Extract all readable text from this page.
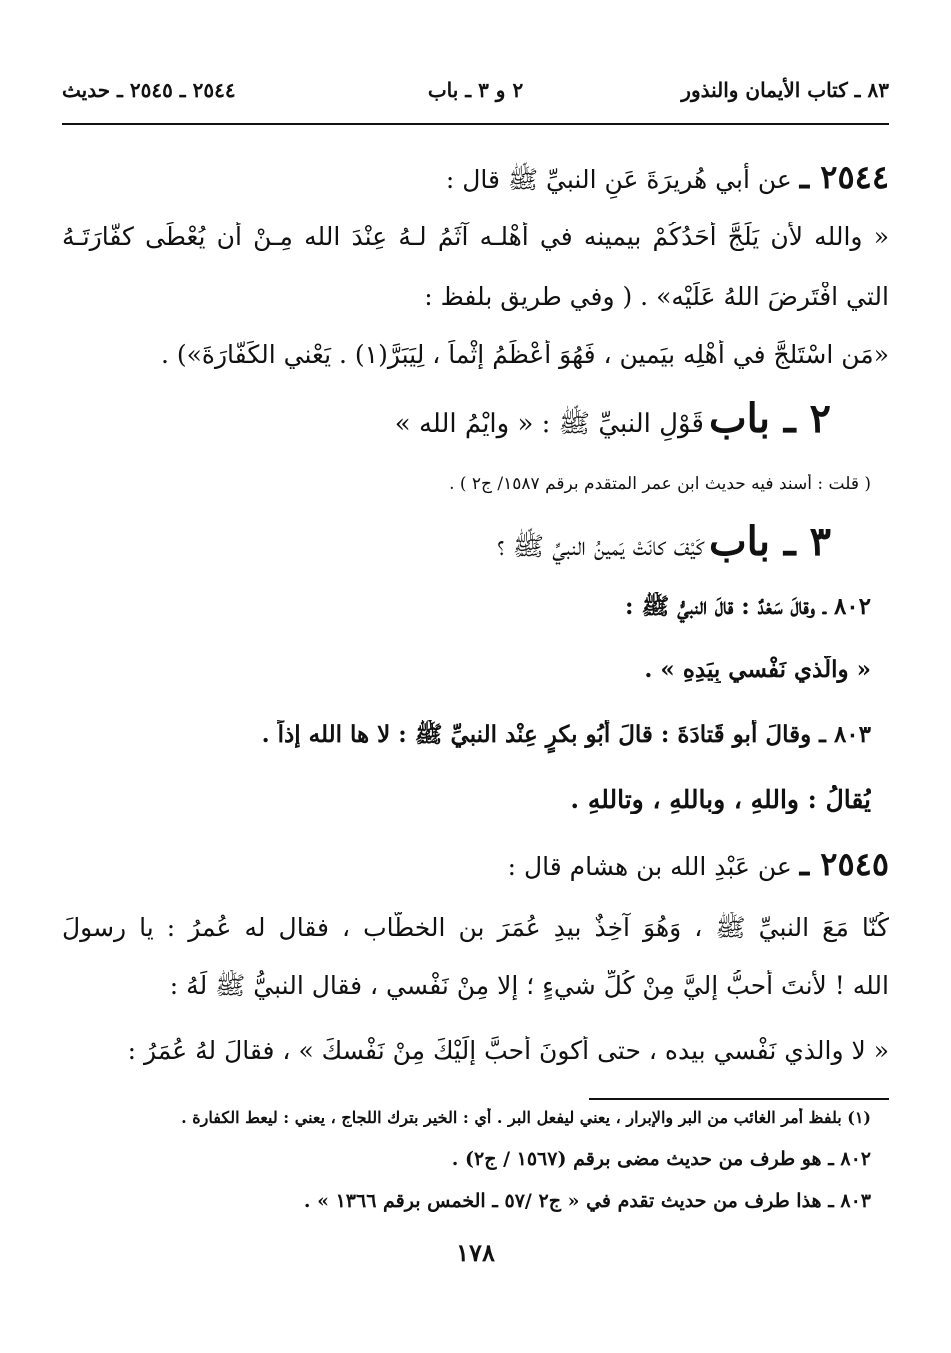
٨٣ ـ كتاب الأيمان والنذور
٢ و ٣ ـ باب
٢٥٤٤ ـ ٢٥٤٥ ـ حديث
٢٥٤٤ ـ عن أبي هُريرَةَ عَنِ النبيِّ ﷺ قال :
« والله لأَن يَلَجَّ أَحَدُكُمْ بيمينه في أَهْلـه آثَمُ لـهُ عِنْدَ الله مِـنْ أن يُعْطَى كفّارَتَـهُ
التي افْتَرضَ اللهُ عَلَيْه» . ( وفي طريق بلفظ :
«مَن اسْتَلجَّ في أَهْلِه بيَمينٍ ، فَهُوَ أَعْظَمُ إِثْماً ، لِيَبَرَّ(١) . يَعْني الكَفّارَةَ») .
٢ ـ باب قَوْلِ النبيِّ ﷺ : « وايْمُ الله »
( قلت : أسند فيه حديث ابن عمر المتقدم برقم ١٥٨٧/ ج٢ ) .
٣ ـ باب كَيْفَ كانَتْ يَمينُ النبيِّ ﷺ ؟
٨٠٢ ـ وقالَ سَعْدٌ : قالَ النبيُّ ﷺ :
« والَّذي نَفْسي بِيَدِهِ » .
٨٠٣ ـ وقالَ أَبو قَتادَةَ : قالَ أَبُو بكرٍ عِنْد النبيِّ ﷺ : لا ها الله إذاً .
يُقالُ : واللهِ ، وباللهِ ، وتاللهِ .
٢٥٤٥ ـ عن عَبْدِ الله بن هشام قال :
كُنّا مَعَ النبيِّ ﷺ ، وَهُوَ آخِذٌ بيدِ عُمَرَ بن الخطّاب ، فقال له عُمرُ : يا رسولَ
الله ! لأَنتَ أحبُّ إليَّ مِنْ كُلِّ شيءٍ ؛ إلا مِنْ نَفْسي ، فقال النبيُّ ﷺ لَهُ :
« لا والذي نَفْسي بيده ، حتى أكونَ أحبَّ إِلَيْكَ مِنْ نَفْسكَ » ، فقالَ لهُ عُمَرُ :
(١) بلفظ أمر الغائب من البر والإبرار ، يعني ليفعل البر . أي : الخير بترك اللجاج ، يعني : ليعط الكفارة .
٨٠٢ ـ هو طرف من حديث مضى برقم (١٥٦٧ / ج٢) .
٨٠٣ ـ هذا طرف من حديث تقدم في « ج٢ /٥٧ ـ الخمس برقم ١٣٦٦ » .
١٧٨
